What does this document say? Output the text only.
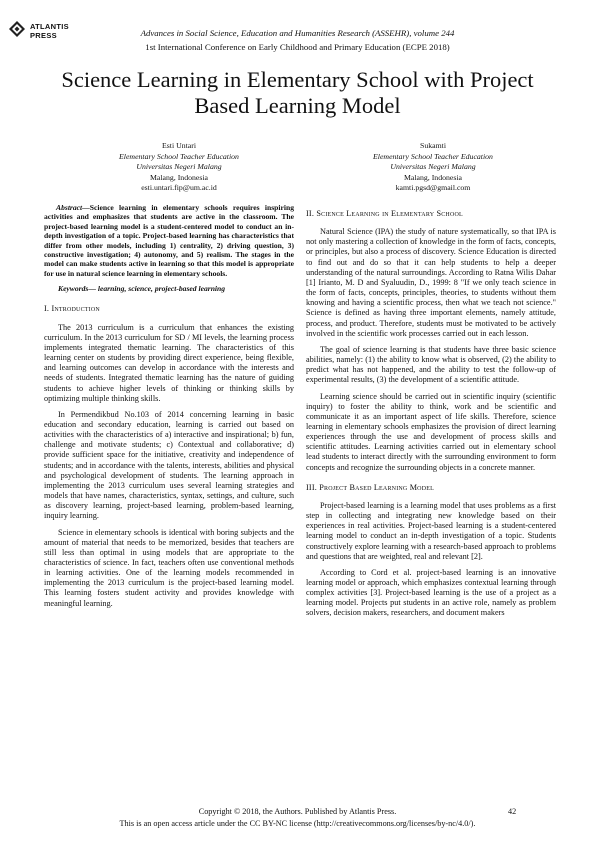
ATLANTIS
PRESS	Advances in Social Science, Education and Humanities Research (ASSEHR), volume 244
1st International Conference on Early Childhood and Primary Education (ECPE 2018)
Science Learning in Elementary School with Project Based Learning Model
Esti Untari
Elementary School Teacher Education
Universitas Negeri Malang
Malang, Indonesia
esti.untari.fip@um.ac.id
Sukamti
Elementary School Teacher Education
Universitas Negeri Malang
Malang, Indonesia
kamti.pgsd@gmail.com

Abstract—Science learning in elementary schools requires inspiring activities and emphasizes that students are active in the classroom. The project-based learning model is a student-centered model to conduct an in-depth investigation of a topic. Project-based learning has characteristics that differ from other models, including 1) centrality, 2) driving question, 3) constructive investigation; 4) autonomy, and 5) realism. The stages in the model can make students active in learning so that this model is appropriate for use in natural science learning in elementary schools.

Keywords— learning, science, project-based learning

I. Introduction

The 2013 curriculum is a curriculum that enhances the existing curriculum. In the 2013 curriculum for SD / MI levels, the learning process implements integrated thematic learning. The characteristics of this learning center on students by providing direct experience, being flexible, and learning outcomes can develop in accordance with the interests and needs of students. Integrated thematic learning has the nature of guiding students to achieve higher levels of thinking or thinking skills by optimizing multiple thinking skills.

In Permendikbud No.103 of 2014 concerning learning in basic education and secondary education, learning is carried out based on activities with the characteristics of a) interactive and inspirational; b) fun, challenge and motivate students; c) Contextual and collaborative; d) provide sufficient space for the initiative, creativity and independence of students; and in accordance with the talents, interests, abilities and physical and psychological development of students. The learning approach in implementing the 2013 curriculum uses several learning strategies and models that have names, characteristics, syntax, settings, and culture, such as discovery learning, project-based learning, problem-based learning, inquiry learning.

Science in elementary schools is identical with boring subjects and the amount of material that needs to be memorized, besides that teachers are still less than optimal in using models that are appropriate to the characteristics of science. In fact, teachers often use conventional methods in learning activities. One of the learning models recommended in implementing the 2013 curriculum is the project-based learning model. This learning fosters student activity and provides knowledge with meaningful learning.

II. Science Learning in Elementary School

Natural Science (IPA) the study of nature systematically, so that IPA is not only mastering a collection of knowledge in the form of facts, concepts, or principles, but also a process of discovery. Science Education is directed to find out and do so that it can help students to help a deeper understanding of the natural surroundings. According to Ratna Wilis Dahar [1] Irianto, M. D and Syaluudin, D., 1999: 8 "If we only teach science in the form of facts, concepts, principles, theories, to students without them knowing and having a scientific process, then what we teach not science." Science is defined as having three important elements, namely attitude, process, and product. Therefore, students must be motivated to be actively involved in the scientific work processes carried out in each lesson.

The goal of science learning is that students have three basic science abilities, namely: (1) the ability to know what is observed, (2) the ability to predict what has not happened, and the ability to test the follow-up of experimental results, (3) the development of a scientific attitude.

Learning science should be carried out in scientific inquiry (scientific inquiry) to foster the ability to think, work and be scientific and communicate it as an important aspect of life skills. Therefore, science learning in elementary schools emphasizes the provision of direct learning experiences through the use and development of process skills and scientific attitudes. Learning activities carried out in elementary school lead students to interact directly with the surrounding environment to form concepts and recognize the surrounding objects in a concrete manner.

III. Project Based Learning Model

Project-based learning is a learning model that uses problems as a first step in collecting and integrating new knowledge based on their experiences in real activities. Project-based learning is a student-centered learning model to conduct an in-depth investigation of a topic. Students constructively explore learning with a research-based approach to problems and questions that are weighted, real and relevant [2].

According to Cord et al. project-based learning is an innovative learning model or approach, which emphasizes contextual learning through complex activities [3]. Project-based learning is the use of a project as a learning model. Projects put students in an active role, namely as problem solvers, decision makers, researchers, and document makers

Copyright © 2018, the Authors. Published by Atlantis Press.	42
This is an open access article under the CC BY-NC license (http://creativecommons.org/licenses/by-nc/4.0/).
